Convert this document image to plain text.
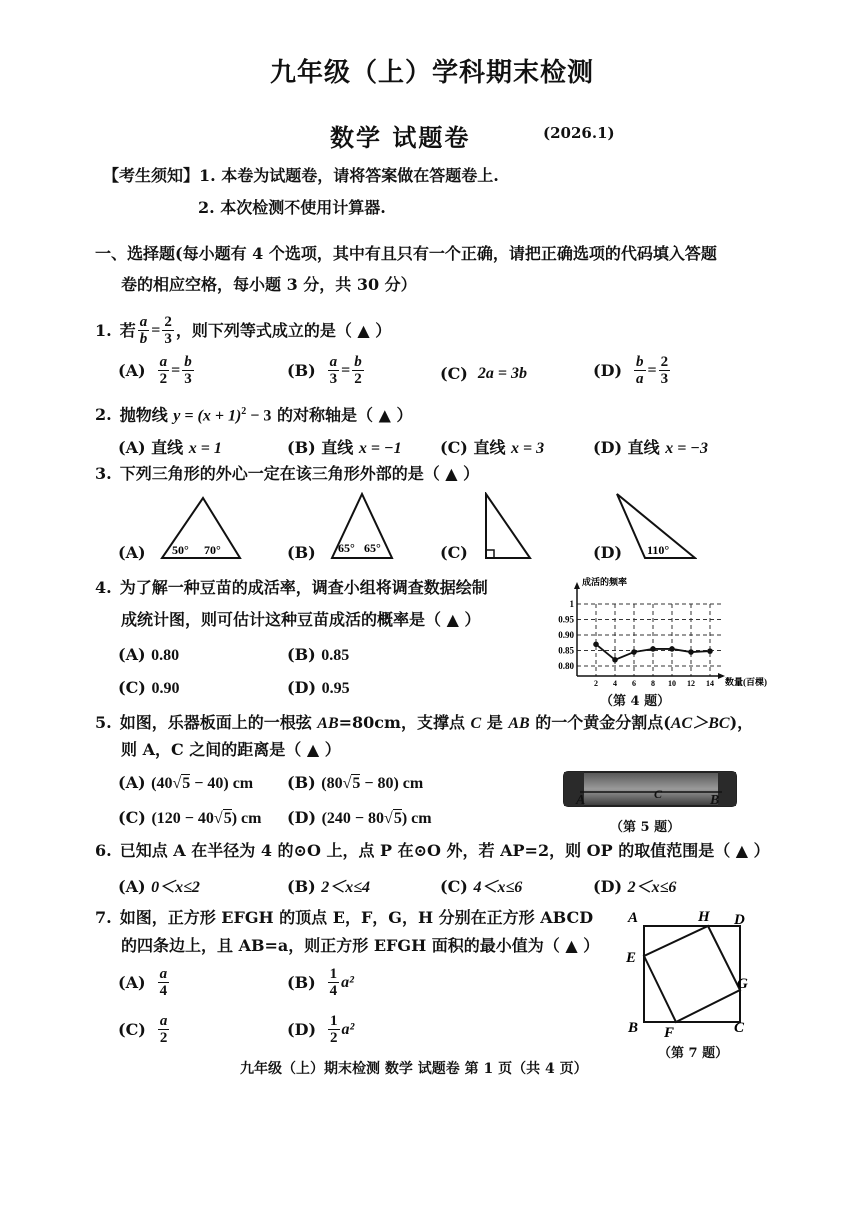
九年级（上）学科期末检测
数学 试题卷	(2026.1)
【考生须知】1. 本卷为试题卷，请将答案做在答题卷上.
2. 本次检测不使用计算器.
一、选择题(每小题有 4 个选项，其中有且只有一个正确，请把正确选项的代码填入答题
卷的相应空格，每小题 3 分，共 30 分）
1. 若 $\frac{a}{b} = \frac{2}{3}$ ，则下列等式成立的是（ ▲ ）
$(A) \frac{a}{2} = \frac{b}{3}$	$(B) \frac{a}{3} = \frac{b}{2}$	(C) 2a = 3b	$(D) \frac{b}{a} = \frac{2}{3}$
2. 抛物线 $y = (x + 1)^2 - 3$ 的对称轴是（ ▲ ）
(A) 直线 x = 1	(B) 直线 x = −1 (C) 直线 x = 3	(D) 直线 x = −3
3. 下列三角形的外心一定在该三角形外部的是（ ▲ ）
(A) 50° 70°	(B) 65° 65°	(C)	(D) 110°
4. 为了解一种豆苗的成活率，调查小组将调查数据绘制
成统计图，则可估计这种豆苗成活的概率是（ ▲ ）
(A) 0.80	(B) 0.85
(C) 0.90	(D) 0.95
成活的频率
数量(百棵)
0.80
0.85
0.90
0.95
1
2 4 6 8 10 12 14
（第 4 题）
5. 如图，乐器板面上的一根弦 AB=80cm，支撑点 C 是 AB 的一个黄金分割点(AC＞BC)，
则 A，C 之间的距离是（ ▲ ）
(A) (40√5 − 40) cm (B) (80√5 − 80) cm
(C) (120 − 40√5) cm (D) (240 − 80√5) cm
A	C	B
（第 5 题）
6. 已知点 A 在半径为 4 的⊙O 上，点 P 在⊙O 外，若 AP=2，则 OP 的取值范围是（ ▲ ）
(A) 0＜x≤2	(B) 2＜x≤4	(C) 4＜x≤6	(D) 2＜x≤6
7. 如图，正方形 EFGH 的顶点 E，F，G，H 分别在正方形 ABCD
的四条边上，且 AB=a，则正方形 EFGH 面积的最小值为（ ▲ ）
$(A) \frac{a}{4}$	$(B) \frac{1}{4} a^2$
$(C) \frac{a}{2}$	$(D) \frac{1}{2} a^2$
A	H D
E
G
B F	C
（第 7 题）
九年级（上）期末检测 数学 试题卷 第 1 页（共 4 页）
